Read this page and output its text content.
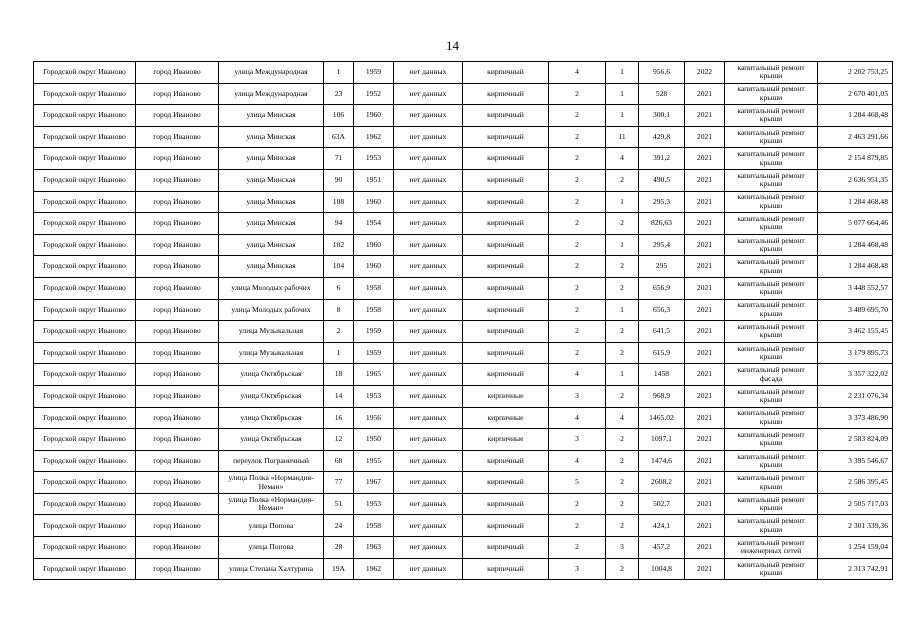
14
Городской округ Иваново	город Иваново	улица Международная	1	1959	нет данных	кирпичный	4	1	956,6	2022	капитальный ремонт крыши	2 202 753,25
Городской округ Иваново	город Иваново	улица Международная	23	1952	нет данных	кирпичный	2	1	528	2021	капитальный ремонт крыши	2 670 401,05
Городской округ Иваново	город Иваново	улица Минская	106	1960	нет данных	кирпичный	2	1	300,1	2021	капитальный ремонт крыши	1 284 468,48
Городской округ Иваново	город Иваново	улица Минская	63А	1962	нет данных	кирпичный	2	11	429,8	2021	капитальный ремонт крыши	2 463 291,66
Городской округ Иваново	город Иваново	улица Минская	71	1953	нет данных	кирпичный	2	4	391,2	2021	капитальный ремонт крыши	2 154 879,85
Городской округ Иваново	город Иваново	улица Минская	90	1951	нет данных	кирпичный	2	2	490,5	2021	капитальный ремонт крыши	2 636 951,35
Городской округ Иваново	город Иваново	улица Минская	108	1960	нет данных	кирпичный	2	1	295,3	2021	капитальный ремонт крыши	1 284 468,48
Городской округ Иваново	город Иваново	улица Минская	94	1954	нет данных	кирпичный	2	2	826,63	2021	капитальный ремонт крыши	5 077 664,46
Городской округ Иваново	город Иваново	улица Минская	102	1960	нет данных	кирпичный	2	1	295,4	2021	капитальный ремонт крыши	1 284 468,48
Городской округ Иваново	город Иваново	улица Минская	104	1960	нет данных	кирпичный	2	2	295	2021	капитальный ремонт крыши	1 284 468,48
Городской округ Иваново	город Иваново	улица Молодых рабочих	6	1958	нет данных	кирпичный	2	2	656,9	2021	капитальный ремонт крыши	3 448 552,57
Городской округ Иваново	город Иваново	улица Молодых рабочих	8	1958	нет данных	кирпичный	2	1	656,3	2021	капитальный ремонт крыши	3 489 695,70
Городской округ Иваново	город Иваново	улица Музыкальная	2	1959	нет данных	кирпичный	2	2	641,5	2021	капитальный ремонт крыши	3 462 155,45
Городской округ Иваново	город Иваново	улица Музыкальная	1	1959	нет данных	кирпичный	2	2	615,9	2021	капитальный ремонт крыши	3 179 895,73
Городской округ Иваново	город Иваново	улица Октябрьская	18	1965	нет данных	кирпичный	4	1	1458	2021	капитальный ремонт фасада	3 357 322,02
Городской округ Иваново	город Иваново	улица Октябрьская	14	1953	нет данных	кирпичные	3	2	968,9	2021	капитальный ремонт крыши	2 231 076,34
Городской округ Иваново	город Иваново	улица Октябрьская	16	1956	нет данных	кирпичные	4	4	1465,02	2021	капитальный ремонт крыши	3 373 486,90
Городской округ Иваново	город Иваново	улица Октябрьская	12	1950	нет данных	кирпичные	3	2	1097,1	2021	капитальный ремонт крыши	2 583 824,09
Городской округ Иваново	город Иваново	переулок Пограничный	68	1955	нет данных	кирпичный	4	2	1474,6	2021	капитальный ремонт крыши	3 395 546,67
Городской округ Иваново	город Иваново	улица Полка «Нормандия-Неман»	77	1967	нет данных	кирпичный	5	2	2608,2	2021	капитальный ремонт крыши	2 586 395,45
Городской округ Иваново	город Иваново	улица Полка «Нормандия-Неман»	51	1953	нет данных	кирпичный	2	2	502,7	2021	капитальный ремонт крыши	2 505 717,03
Городской округ Иваново	город Иваново	улица Попова	24	1958	нет данных	кирпичный	2	2	424,1	2021	капитальный ремонт крыши	2 301 339,36
Городской округ Иваново	город Иваново	улица Попова	28	1963	нет данных	кирпичный	2	3	457,2	2021	капитальный ремонт инженерных сетей	1 254 159,04
Городской округ Иваново	город Иваново	улица Степана Халтурина	19А	1962	нет данных	кирпичный	3	2	1004,8	2021	капитальный ремонт крыши	2 313 742,91
